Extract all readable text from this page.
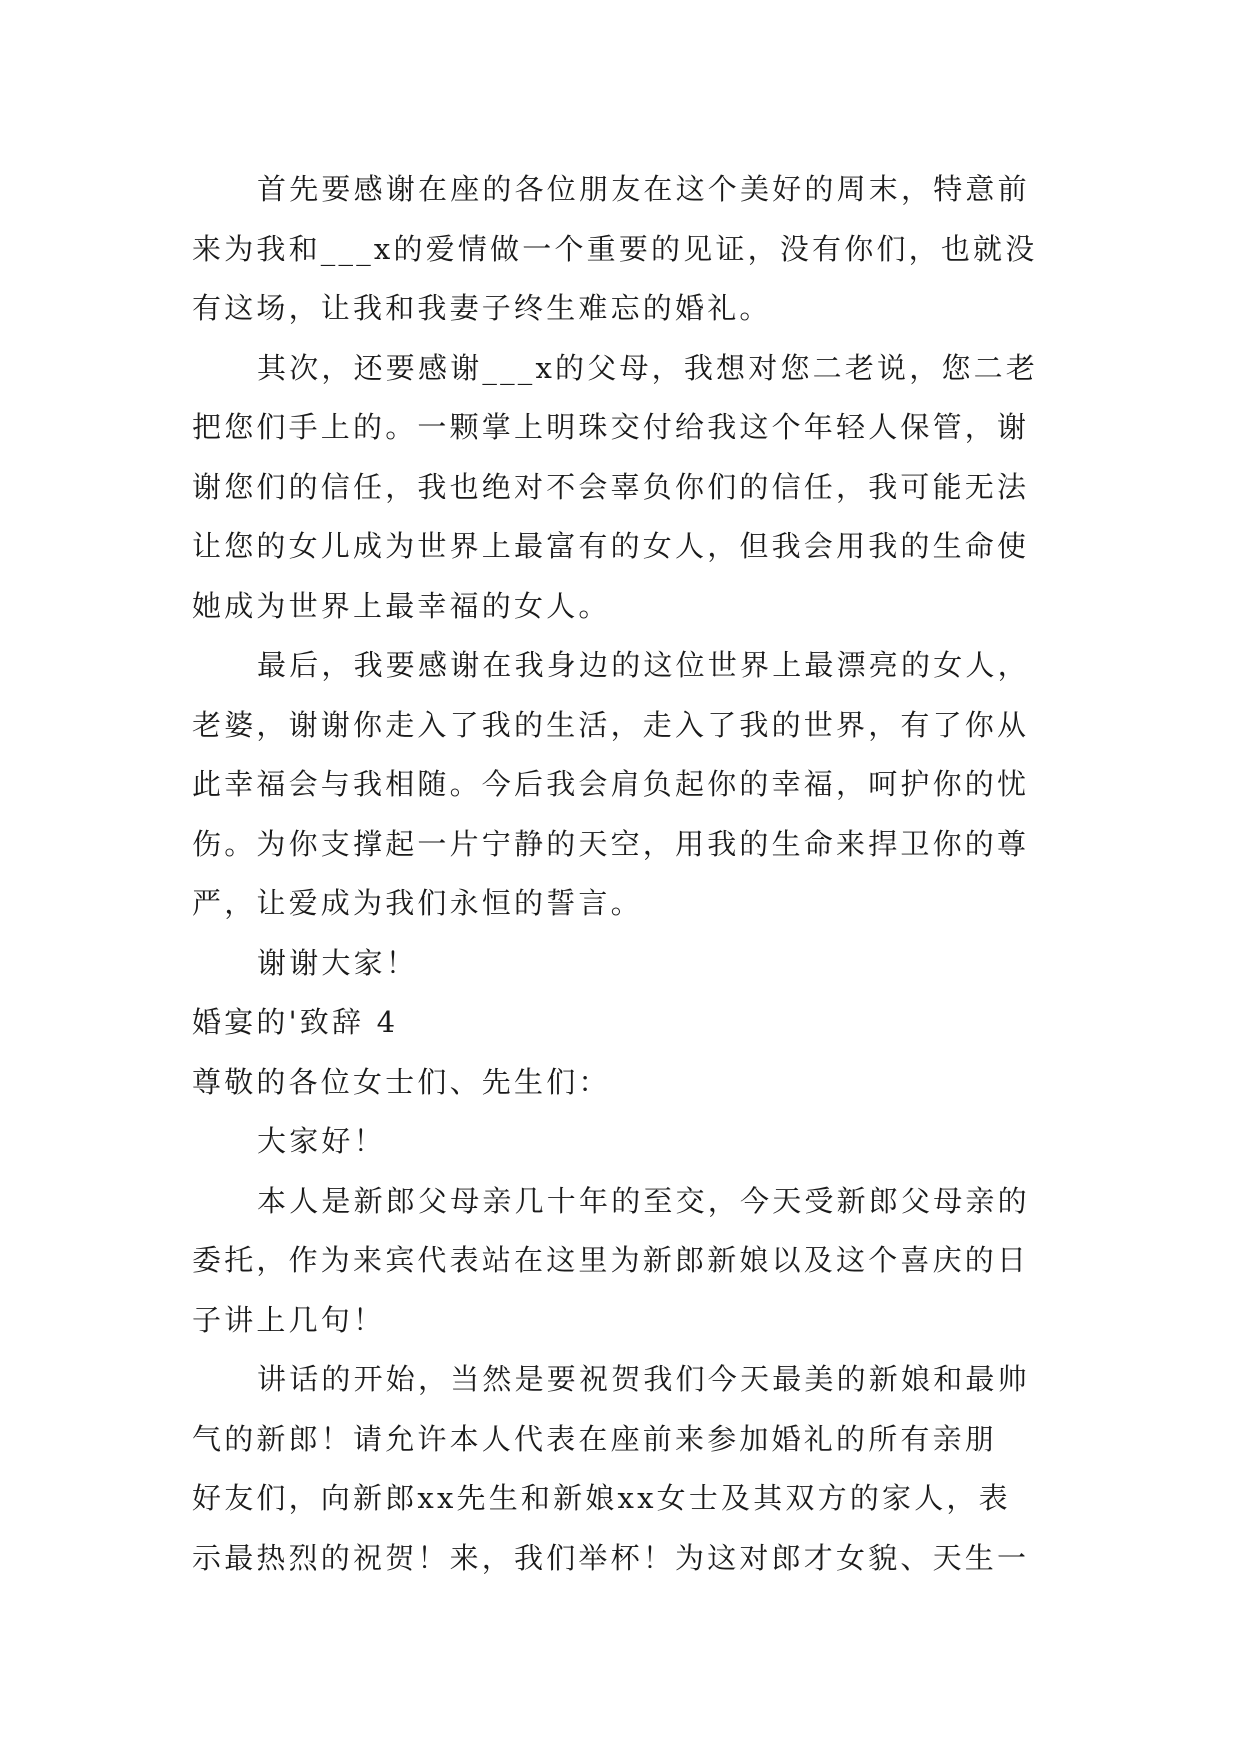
首先要感谢在座的各位朋友在这个美好的周末，特意前
来为我和___x的爱情做一个重要的见证，没有你们，也就没
有这场，让我和我妻子终生难忘的婚礼。
其次，还要感谢___x的父母，我想对您二老说，您二老
把您们手上的。一颗掌上明珠交付给我这个年轻人保管，谢
谢您们的信任，我也绝对不会辜负你们的信任，我可能无法
让您的女儿成为世界上最富有的女人，但我会用我的生命使
她成为世界上最幸福的女人。
最后，我要感谢在我身边的这位世界上最漂亮的女人，
老婆，谢谢你走入了我的生活，走入了我的世界，有了你从
此幸福会与我相随。今后我会肩负起你的幸福，呵护你的忧
伤。为你支撑起一片宁静的天空，用我的生命来捍卫你的尊
严，让爱成为我们永恒的誓言。
谢谢大家！
婚宴的'致辞 4
尊敬的各位女士们、先生们：
大家好！
本人是新郎父母亲几十年的至交，今天受新郎父母亲的
委托，作为来宾代表站在这里为新郎新娘以及这个喜庆的日
子讲上几句！
讲话的开始，当然是要祝贺我们今天最美的新娘和最帅
气的新郎！请允许本人代表在座前来参加婚礼的所有亲朋
好友们，向新郎xx先生和新娘xx女士及其双方的家人，表
示最热烈的祝贺！来，我们举杯！为这对郎才女貌、天生一
